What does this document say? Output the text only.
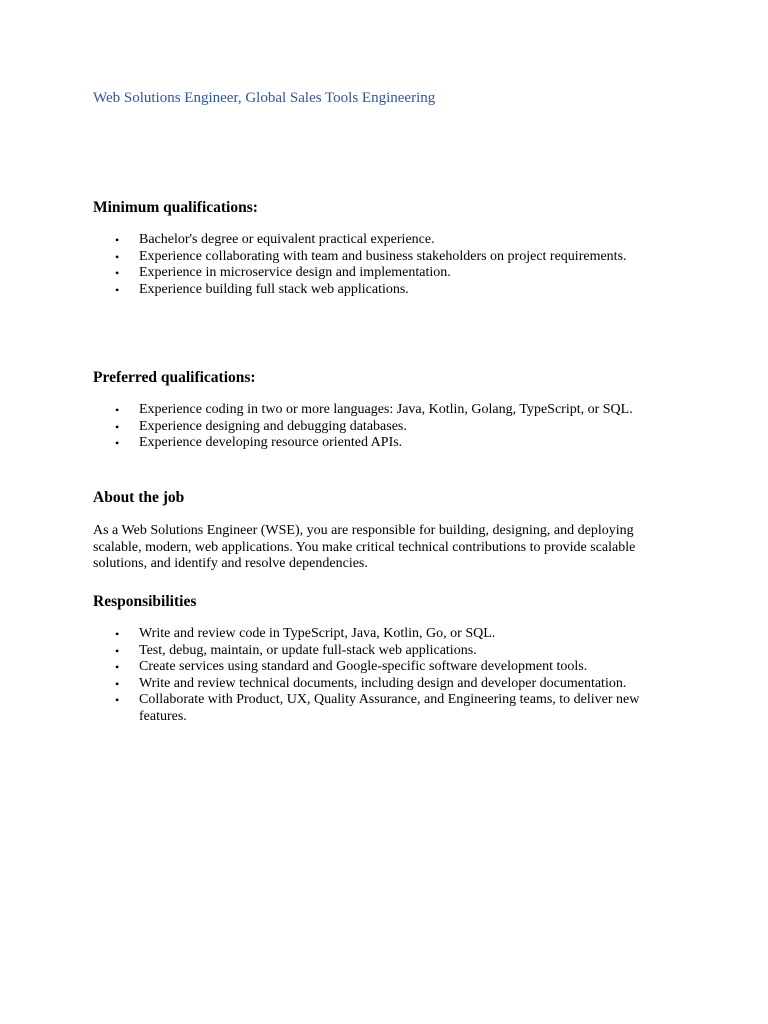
Web Solutions Engineer, Global Sales Tools Engineering
Minimum qualifications:
• Bachelor's degree or equivalent practical experience.
• Experience collaborating with team and business stakeholders on project requirements.
• Experience in microservice design and implementation.
• Experience building full stack web applications.
Preferred qualifications:
• Experience coding in two or more languages: Java, Kotlin, Golang, TypeScript, or SQL.
• Experience designing and debugging databases.
• Experience developing resource oriented APIs.
About the job

As a Web Solutions Engineer (WSE), you are responsible for building, designing, and deploying scalable, modern, web applications. You make critical technical contributions to provide scalable solutions, and identify and resolve dependencies.

Responsibilities
• Write and review code in TypeScript, Java, Kotlin, Go, or SQL.
• Test, debug, maintain, or update full-stack web applications.
• Create services using standard and Google-specific software development tools.
• Write and review technical documents, including design and developer documentation.
• Collaborate with Product, UX, Quality Assurance, and Engineering teams, to deliver new features.
